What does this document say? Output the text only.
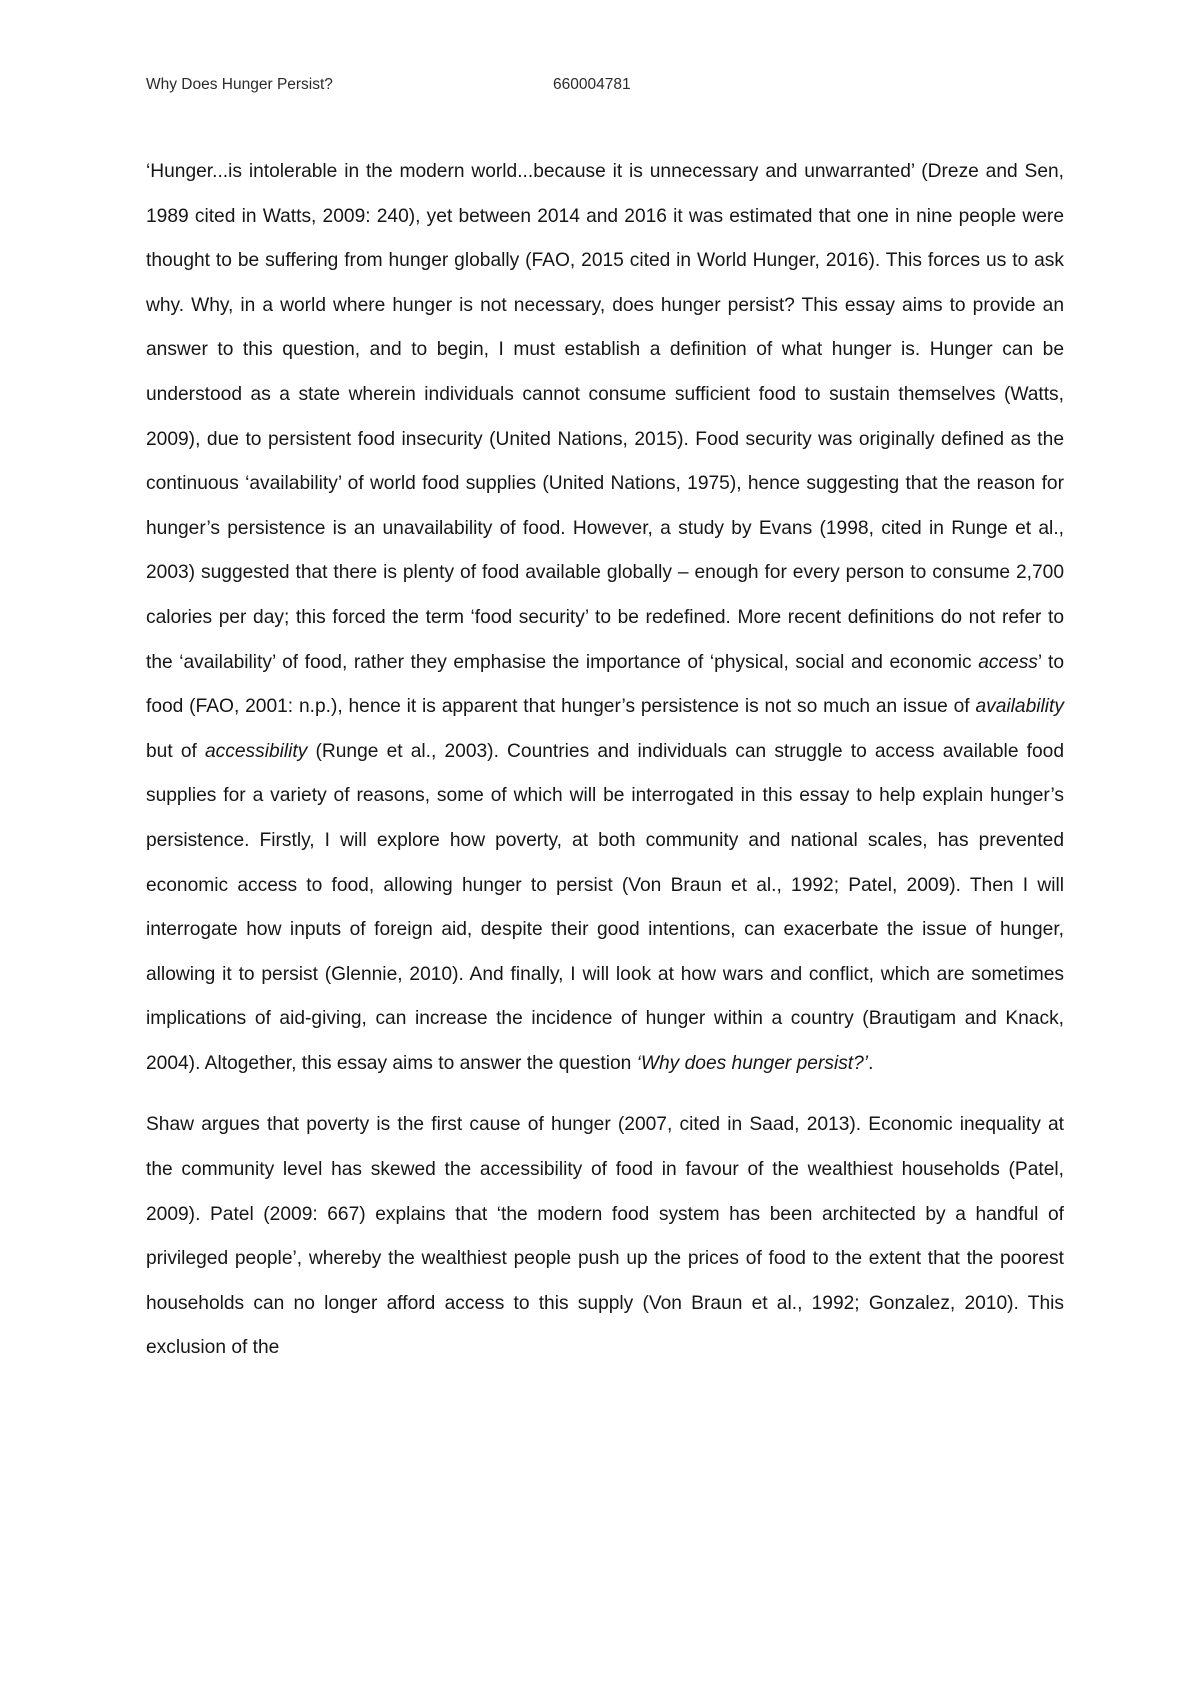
Why Does Hunger Persist?	660004781

‘Hunger...is intolerable in the modern world...because it is unnecessary and unwarranted’ (Dreze and Sen, 1989 cited in Watts, 2009: 240), yet between 2014 and 2016 it was estimated that one in nine people were thought to be suffering from hunger globally (FAO, 2015 cited in World Hunger, 2016). This forces us to ask why. Why, in a world where hunger is not necessary, does hunger persist? This essay aims to provide an answer to this question, and to begin, I must establish a definition of what hunger is. Hunger can be understood as a state wherein individuals cannot consume sufficient food to sustain themselves (Watts, 2009), due to persistent food insecurity (United Nations, 2015). Food security was originally defined as the continuous ‘availability’ of world food supplies (United Nations, 1975), hence suggesting that the reason for hunger’s persistence is an unavailability of food. However, a study by Evans (1998, cited in Runge et al., 2003) suggested that there is plenty of food available globally – enough for every person to consume 2,700 calories per day; this forced the term ‘food security’ to be redefined. More recent definitions do not refer to the ‘availability’ of food, rather they emphasise the importance of ‘physical, social and economic access’ to food (FAO, 2001: n.p.), hence it is apparent that hunger’s persistence is not so much an issue of availability but of accessibility (Runge et al., 2003). Countries and individuals can struggle to access available food supplies for a variety of reasons, some of which will be interrogated in this essay to help explain hunger’s persistence. Firstly, I will explore how poverty, at both community and national scales, has prevented economic access to food, allowing hunger to persist (Von Braun et al., 1992; Patel, 2009). Then I will interrogate how inputs of foreign aid, despite their good intentions, can exacerbate the issue of hunger, allowing it to persist (Glennie, 2010). And finally, I will look at how wars and conflict, which are sometimes implications of aid-giving, can increase the incidence of hunger within a country (Brautigam and Knack, 2004). Altogether, this essay aims to answer the question ‘Why does hunger persist?’.

Shaw argues that poverty is the first cause of hunger (2007, cited in Saad, 2013). Economic inequality at the community level has skewed the accessibility of food in favour of the wealthiest households (Patel, 2009). Patel (2009: 667) explains that ‘the modern food system has been architected by a handful of privileged people’, whereby the wealthiest people push up the prices of food to the extent that the poorest households can no longer afford access to this supply (Von Braun et al., 1992; Gonzalez, 2010). This exclusion of the
